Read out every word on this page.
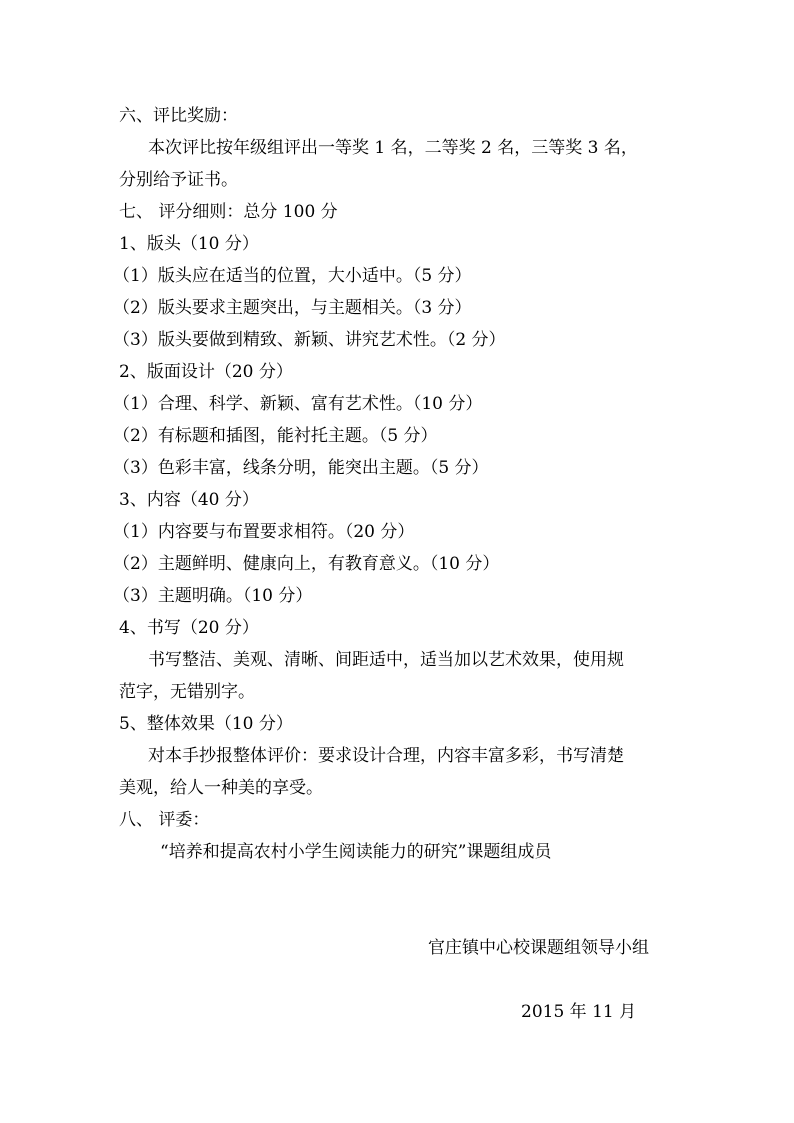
六、评比奖励：
本次评比按年级组评出一等奖 1 名，二等奖 2 名，三等奖 3 名，
分别给予证书。
七、 评分细则：总分 100 分
1、版头（10 分）
（1）版头应在适当的位置，大小适中。（5 分）
（2）版头要求主题突出，与主题相关。（3 分）
（3）版头要做到精致、新颖、讲究艺术性。（2 分）
2、版面设计（20 分）
（1）合理、科学、新颖、富有艺术性。（10 分）
（2）有标题和插图，能衬托主题。（5 分）
（3）色彩丰富，线条分明，能突出主题。（5 分）
3、内容（40 分）
（1）内容要与布置要求相符。（20 分）
（2）主题鲜明、健康向上，有教育意义。（10 分）
（3）主题明确。（10 分）
4、书写（20 分）
书写整洁、美观、清晰、间距适中，适当加以艺术效果，使用规
范字，无错别字。
5、整体效果（10 分）
对本手抄报整体评价：要求设计合理，内容丰富多彩，书写清楚
美观，给人一种美的享受。
八、 评委：
“培养和提高农村小学生阅读能力的研究”课题组成员
官庄镇中心校课题组领导小组
2015 年 11 月
